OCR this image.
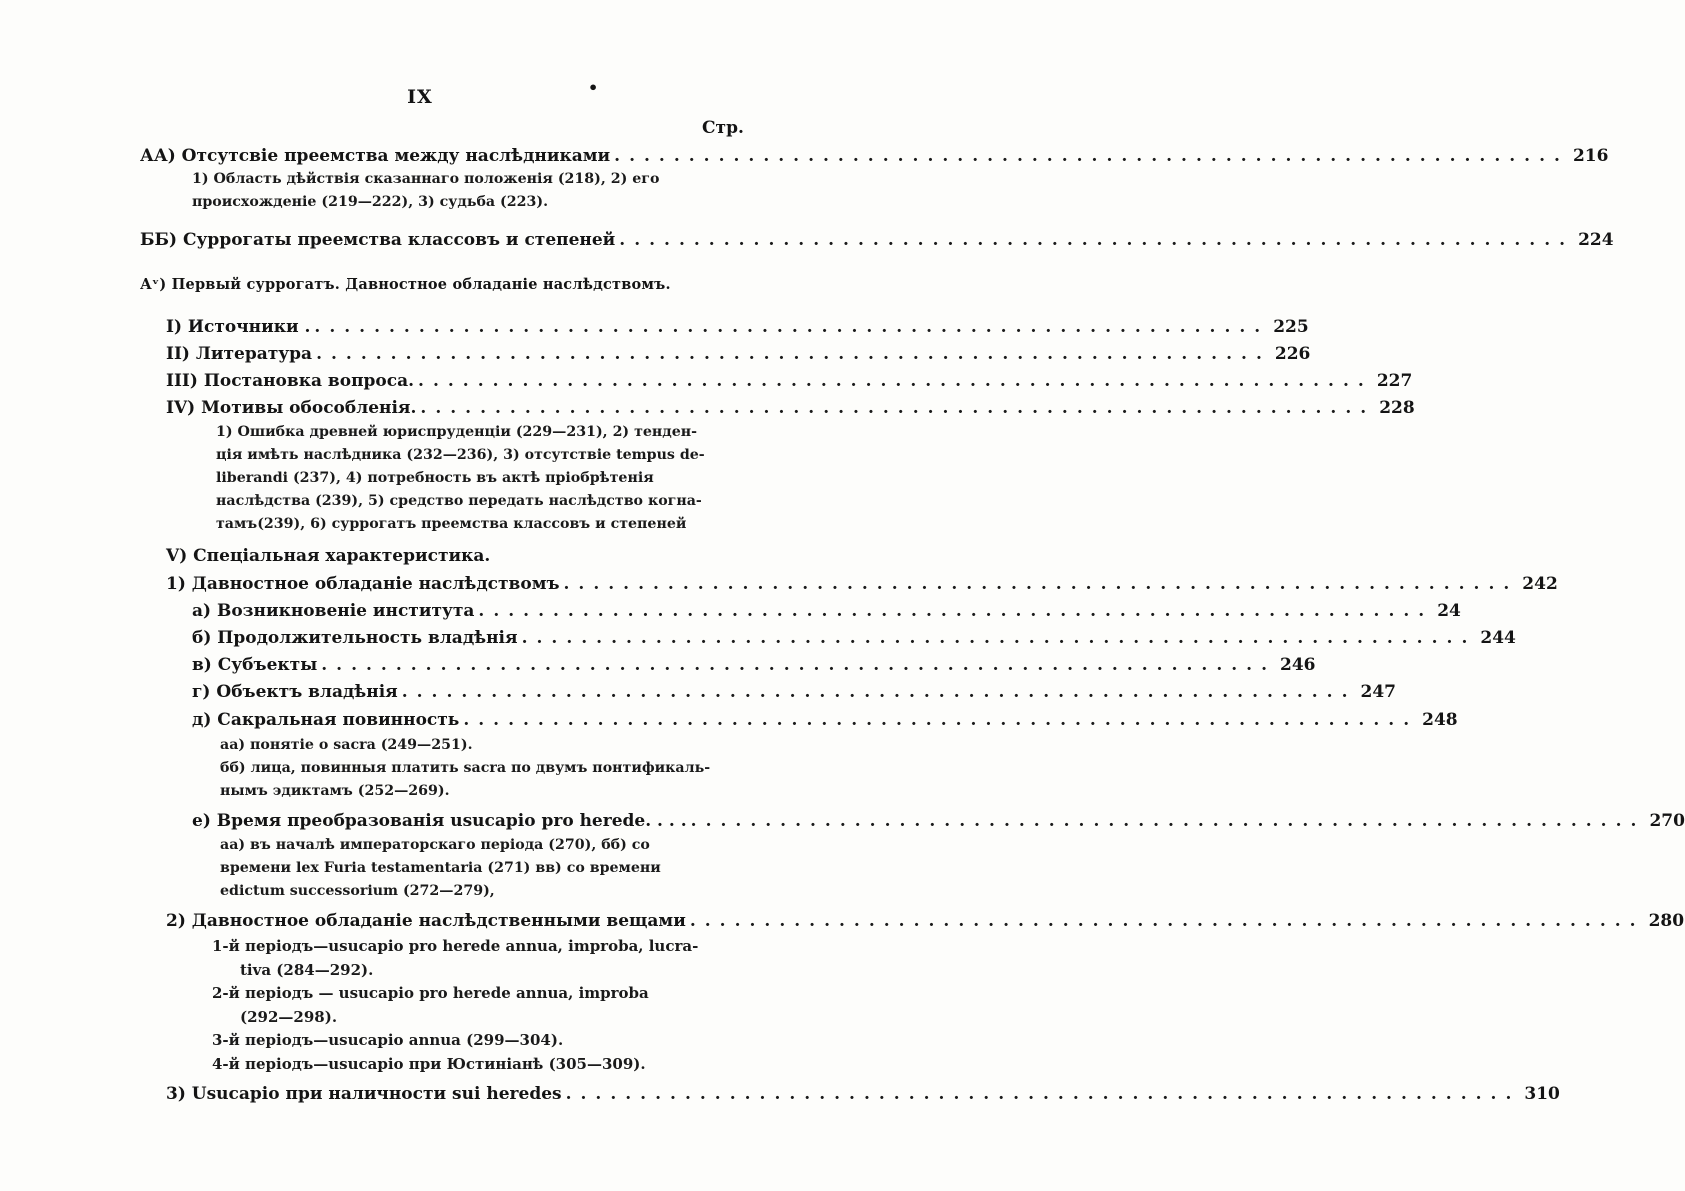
IX	•
Стр.
АА) Отсутсвіе преемства между наслѣдниками ................................................................ 216
1) Область дѣйствія сказаннаго положенія (218), 2) его
происхожденіе (219—222), 3) судьба (223).
ББ) Суррогаты преемства классовъ и степеней ................................................................ 224
Аᵛ) Первый суррогатъ. Давностное обладаніе наслѣдствомъ.
I) Источники . ................................................................ 225
II) Литература ................................................................ 226
III) Постановка вопроса. ................................................................ 227
IV) Мотивы обособленія. ................................................................ 228
1) Ошибка древней юриспруденціи (229—231), 2) тенден-
ція имѣть наслѣдника (232—236), 3) отсутствіе tempus de-
liberandi (237), 4) потребность въ актѣ пріобрѣтенія
наслѣдства (239), 5) средство передать наслѣдство когна-
тамъ(239), 6) суррогатъ преемства классовъ и степеней
V) Спеціальная характеристика.
1) Давностное обладаніе наслѣдствомъ ................................................................ 242
а) Возникновеніе института ................................................................ 24
б) Продолжительность владѣнія ................................................................ 244
в) Субъекты ................................................................ 246
г) Объектъ владѣнія ................................................................ 247
д) Сакральная повинность ................................................................ 248
аа) понятіе о sacra (249—251).
бб) лица, повинныя платить sacra по двумъ понтификаль-
нымъ эдиктамъ (252—269).
е) Время преобразованія usucapio pro herede. . . . ................................................................ 270
аа) въ началѣ императорскаго періода (270), бб) со
времени lex Furia testamentaria (271) вв) со времени
edictum successorium (272—279),
2) Давностное обладаніе наслѣдственными вещами ................................................................ 280
1-й періодъ—usucapio pro herede annua, improba, lucra-
tiva (284—292).
2-й періодъ — usucapio pro herede annua, improba
(292—298).
3-й періодъ—usucapio annua (299—304).
4-й періодъ—usucapio при Юстиніанѣ (305—309).
3) Usucapio при наличности sui heredes ................................................................ 310
